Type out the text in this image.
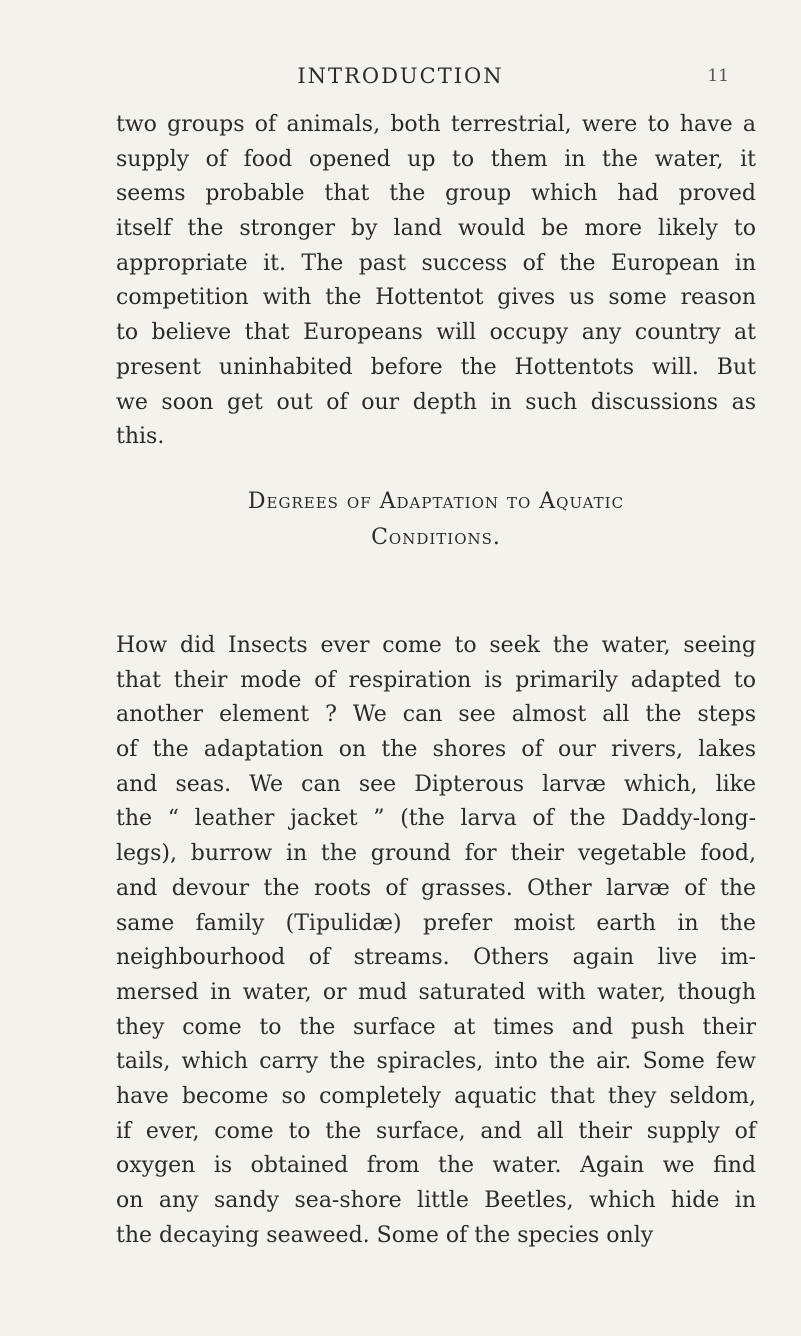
INTRODUCTION	11
two groups of animals, both terrestrial, were to have a
supply of food opened up to them in the water, it
seems probable that the group which had proved
itself the stronger by land would be more likely to
appropriate it. The past success of the European in
competition with the Hottentot gives us some reason
to believe that Europeans will occupy any country at
present uninhabited before the Hottentots will. But
we soon get out of our depth in such discussions as
this.
Degrees of Adaptation to Aquatic
Conditions.
How did Insects ever come to seek the water, seeing
that their mode of respiration is primarily adapted to
another element ? We can see almost all the steps
of the adaptation on the shores of our rivers, lakes
and seas. We can see Dipterous larvæ which, like
the “ leather jacket ” (the larva of the Daddy-long-
legs), burrow in the ground for their vegetable food,
and devour the roots of grasses. Other larvæ of the
same family (Tipulidæ) prefer moist earth in the
neighbourhood of streams. Others again live im-
mersed in water, or mud saturated with water, though
they come to the surface at times and push their
tails, which carry the spiracles, into the air. Some few
have become so completely aquatic that they seldom,
if ever, come to the surface, and all their supply of
oxygen is obtained from the water. Again we find
on any sandy sea-shore little Beetles, which hide in
the decaying seaweed. Some of the species only
